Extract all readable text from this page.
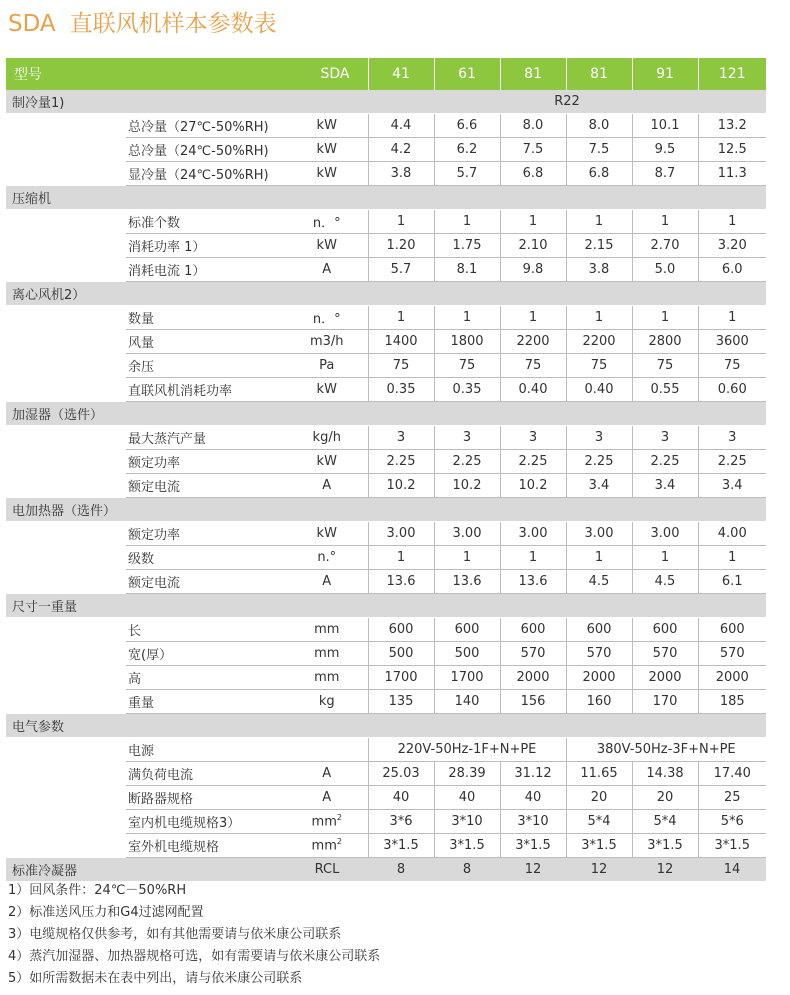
SDA 直联风机样本参数表
型号		SDA	41	61	81	81	91	121
制冷量1)			R22					
	总冷量（27℃-50%RH)	kW	4.4	6.6	8.0	8.0	10.1	13.2
	总冷量（24℃-50%RH)	kW	4.2	6.2	7.5	7.5	9.5	12.5
	显冷量（24℃-50%RH)	kW	3.8	5.7	6.8	6.8	8.7	11.3
压缩机								
	标准个数	n．°	1	1	1	1	1	1
	消耗功率 1）	kW	1.20	1.75	2.10	2.15	2.70	3.20
	消耗电流 1）	A	5.7	8.1	9.8	3.8	5.0	6.0
离心风机2）								
	数量	n．°	1	1	1	1	1	1
	风量	m3/h	1400	1800	2200	2200	2800	3600
	余压	Pa	75	75	75	75	75	75
	直联风机消耗功率	kW	0.35	0.35	0.40	0.40	0.55	0.60
加湿器（选件）								
	最大蒸汽产量	kg/h	3	3	3	3	3	3
	额定功率	kW	2.25	2.25	2.25	2.25	2.25	2.25
	额定电流	A	10.2	10.2	10.2	3.4	3.4	3.4
电加热器（选件）								
	额定功率	kW	3.00	3.00	3.00	3.00	3.00	4.00
	级数	n.°	1	1	1	1	1	1
	额定电流	A	13.6	13.6	13.6	4.5	4.5	6.1
尺寸一重量								
	长	mm	600	600	600	600	600	600
	宽(厚）	mm	500	500	570	570	570	570
	高	mm	1700	1700	2000	2000	2000	2000
	重量	kg	135	140	156	160	170	185
电气参数								
	电源		220V-50Hz-1F+N+PE			380V-50Hz-3F+N+PE		
	满负荷电流	A	25.03	28.39	31.12	11.65	14.38	17.40
	断路器规格	A	40	40	40	20	20	25
	室内机电缆规格3）	$mm^2$	3*6	3*10	3*10	5*4	5*4	5*6
	室外机电缆规格	$mm^2$	3*1.5	3*1.5	3*1.5	3*1.5	3*1.5	3*1.5
标准冷凝器		RCL	8	8	12	12	12	14
1）回风条件：24℃－50%RH
2）标准送风压力和G4过滤网配置
3）电缆规格仅供参考，如有其他需要请与依米康公司联系
4）蒸汽加湿器、加热器规格可选，如有需要请与依米康公司联系
5）如所需数据未在表中列出，请与依米康公司联系
